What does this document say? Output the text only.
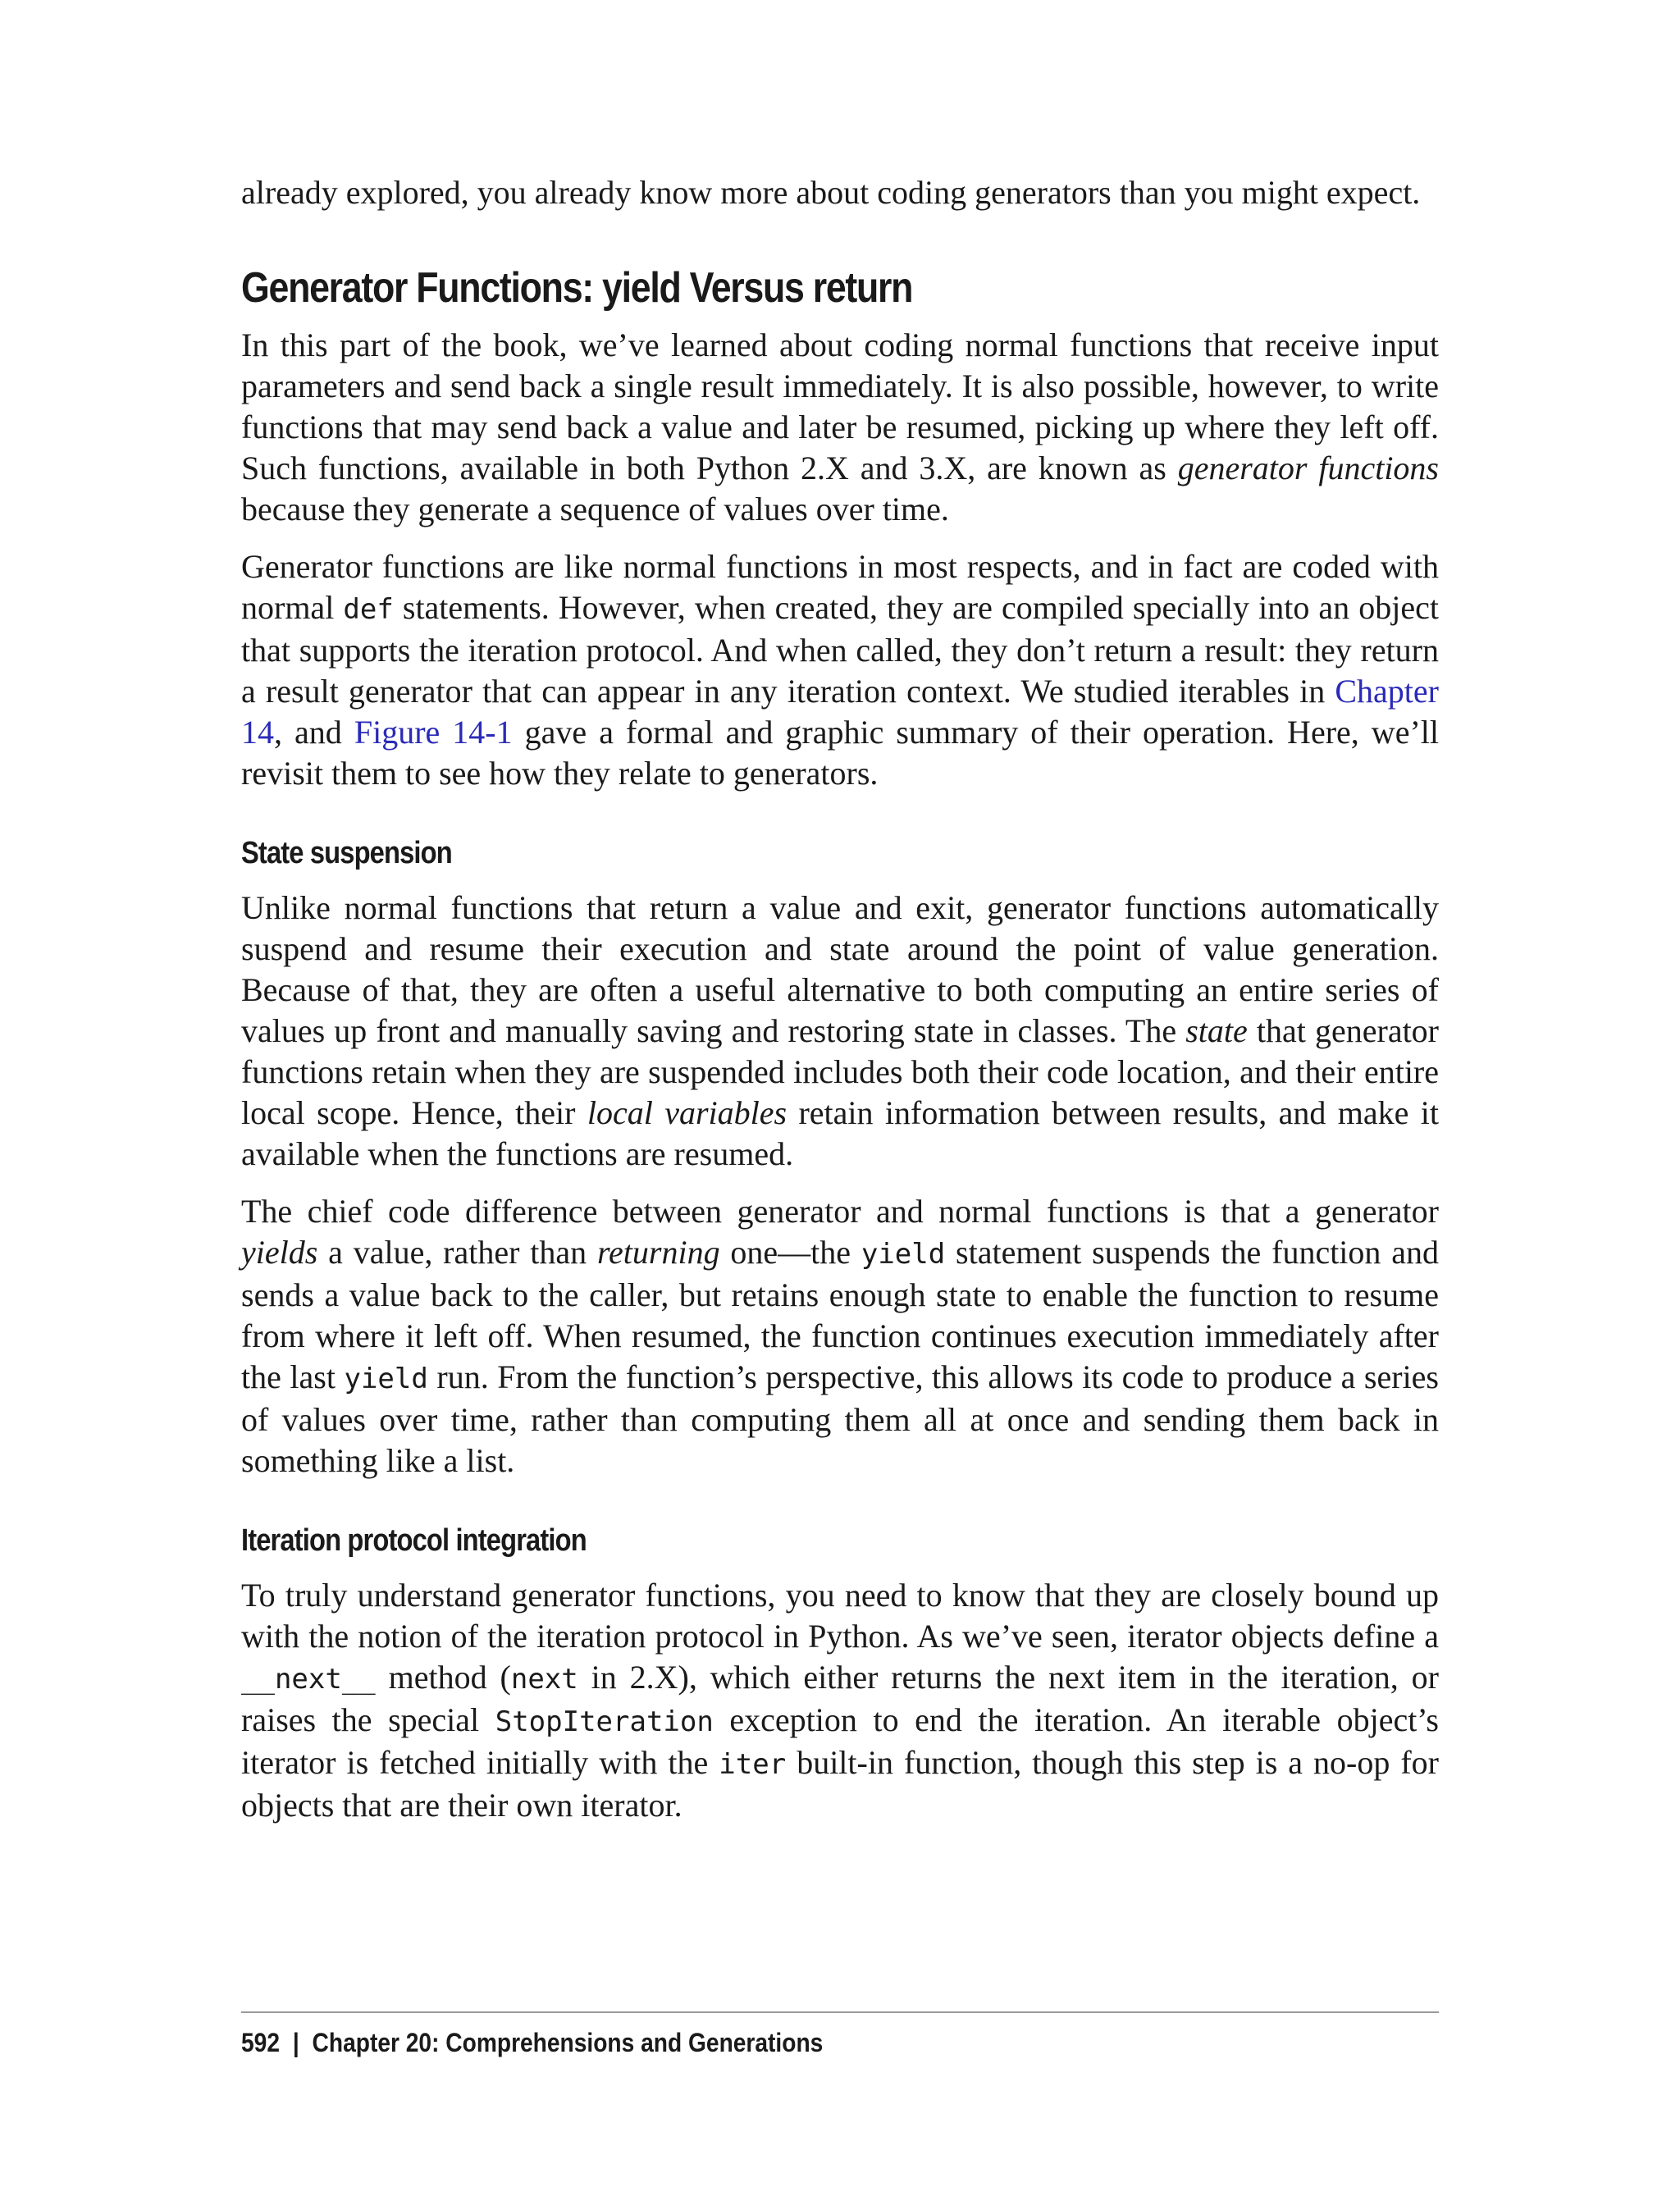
already explored, you already know more about coding generators than you might expect.

Generator Functions: yield Versus return

In this part of the book, we’ve learned about coding normal functions that receive input parameters and send back a single result immediately. It is also possible, however, to write functions that may send back a value and later be resumed, picking up where they left off. Such functions, available in both Python 2.X and 3.X, are known as generator functions because they generate a sequence of values over time.

Generator functions are like normal functions in most respects, and in fact are coded with normal def statements. However, when created, they are compiled specially into an object that supports the iteration protocol. And when called, they don’t return a result: they return a result generator that can appear in any iteration context. We studied iterables in Chapter 14, and Figure 14-1 gave a formal and graphic summary of their operation. Here, we’ll revisit them to see how they relate to generators.

State suspension

Unlike normal functions that return a value and exit, generator functions automatically suspend and resume their execution and state around the point of value generation. Because of that, they are often a useful alternative to both computing an entire series of values up front and manually saving and restoring state in classes. The state that generator functions retain when they are suspended includes both their code location, and their entire local scope. Hence, their local variables retain information between results, and make it available when the functions are resumed.

The chief code difference between generator and normal functions is that a generator yields a value, rather than returning one—the yield statement suspends the function and sends a value back to the caller, but retains enough state to enable the function to resume from where it left off. When resumed, the function continues execution immediately after the last yield run. From the function’s perspective, this allows its code to produce a series of values over time, rather than computing them all at once and sending them back in something like a list.

Iteration protocol integration

To truly understand generator functions, you need to know that they are closely bound up with the notion of the iteration protocol in Python. As we’ve seen, iterator objects define a __next__ method (next in 2.X), which either returns the next item in the iteration, or raises the special StopIteration exception to end the iteration. An iterable object’s iterator is fetched initially with the iter built-in function, though this step is a no-op for objects that are their own iterator.

592 | Chapter 20: Comprehensions and Generations
